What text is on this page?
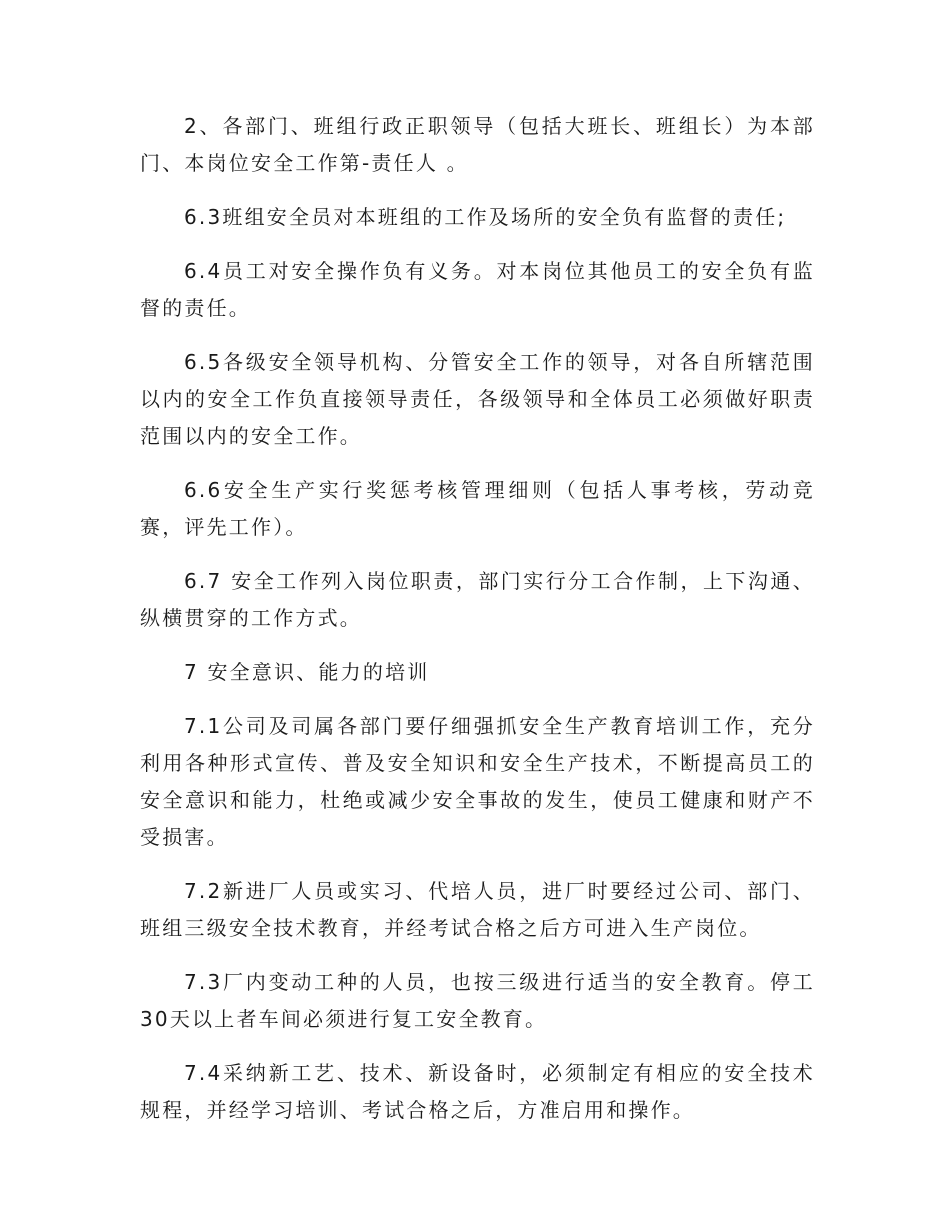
2、各部门、班组行政正职领导（包括大班长、班组长）为本部门、本岗位安全工作第-责任人 。

6.3班组安全员对本班组的工作及场所的安全负有监督的责任;

6.4员工对安全操作负有义务。对本岗位其他员工的安全负有监督的责任。

6.5各级安全领导机构、分管安全工作的领导，对各自所辖范围以内的安全工作负直接领导责任，各级领导和全体员工必须做好职责范围以内的安全工作。

6.6安全生产实行奖惩考核管理细则（包括人事考核，劳动竞赛，评先工作）。

6.7 安全工作列入岗位职责，部门实行分工合作制，上下沟通、纵横贯穿的工作方式。

7 安全意识、能力的培训

7.1公司及司属各部门要仔细强抓安全生产教育培训工作，充分利用各种形式宣传、普及安全知识和安全生产技术，不断提高员工的安全意识和能力，杜绝或减少安全事故的发生，使员工健康和财产不受损害。

7.2新进厂人员或实习、代培人员，进厂时要经过公司、部门、班组三级安全技术教育，并经考试合格之后方可进入生产岗位。

7.3厂内变动工种的人员，也按三级进行适当的安全教育。停工30天以上者车间必须进行复工安全教育。

7.4采纳新工艺、技术、新设备时，必须制定有相应的安全技术规程，并经学习培训、考试合格之后，方准启用和操作。
